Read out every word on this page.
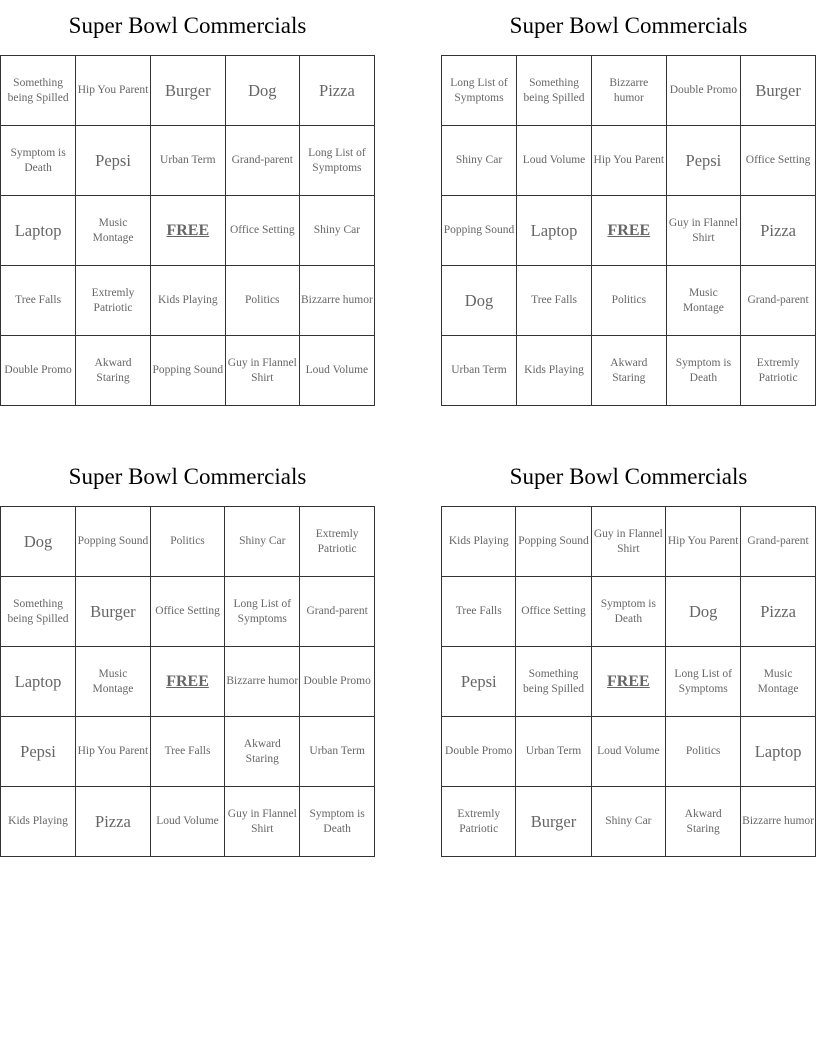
Super Bowl Commercials
Something being Spilled	Hip You Parent	Burger	Dog	Pizza
Symptom is Death	Pepsi	Urban Term	Grand-parent	Long List of Symptoms
Laptop	Music Montage	FREE	Office Setting	Shiny Car
Tree Falls	Extremly Patriotic	Kids Playing	Politics	Bizzarre humor
Double Promo	Akward Staring	Popping Sound	Guy in Flannel Shirt	Loud Volume
Super Bowl Commercials
Long List of Symptoms	Something being Spilled	Bizzarre humor	Double Promo	Burger
Shiny Car	Loud Volume	Hip You Parent	Pepsi	Office Setting
Popping Sound	Laptop	FREE	Guy in Flannel Shirt	Pizza
Dog	Tree Falls	Politics	Music Montage	Grand-parent
Urban Term	Kids Playing	Akward Staring	Symptom is Death	Extremly Patriotic
Super Bowl Commercials
Dog	Popping Sound	Politics	Shiny Car	Extremly Patriotic
Something being Spilled	Burger	Office Setting	Long List of Symptoms	Grand-parent
Laptop	Music Montage	FREE	Bizzarre humor	Double Promo
Pepsi	Hip You Parent	Tree Falls	Akward Staring	Urban Term
Kids Playing	Pizza	Loud Volume	Guy in Flannel Shirt	Symptom is Death
Super Bowl Commercials
Kids Playing	Popping Sound	Guy in Flannel Shirt	Hip You Parent	Grand-parent
Tree Falls	Office Setting	Symptom is Death	Dog	Pizza
Pepsi	Something being Spilled	FREE	Long List of Symptoms	Music Montage
Double Promo	Urban Term	Loud Volume	Politics	Laptop
Extremly Patriotic	Burger	Shiny Car	Akward Staring	Bizzarre humor
